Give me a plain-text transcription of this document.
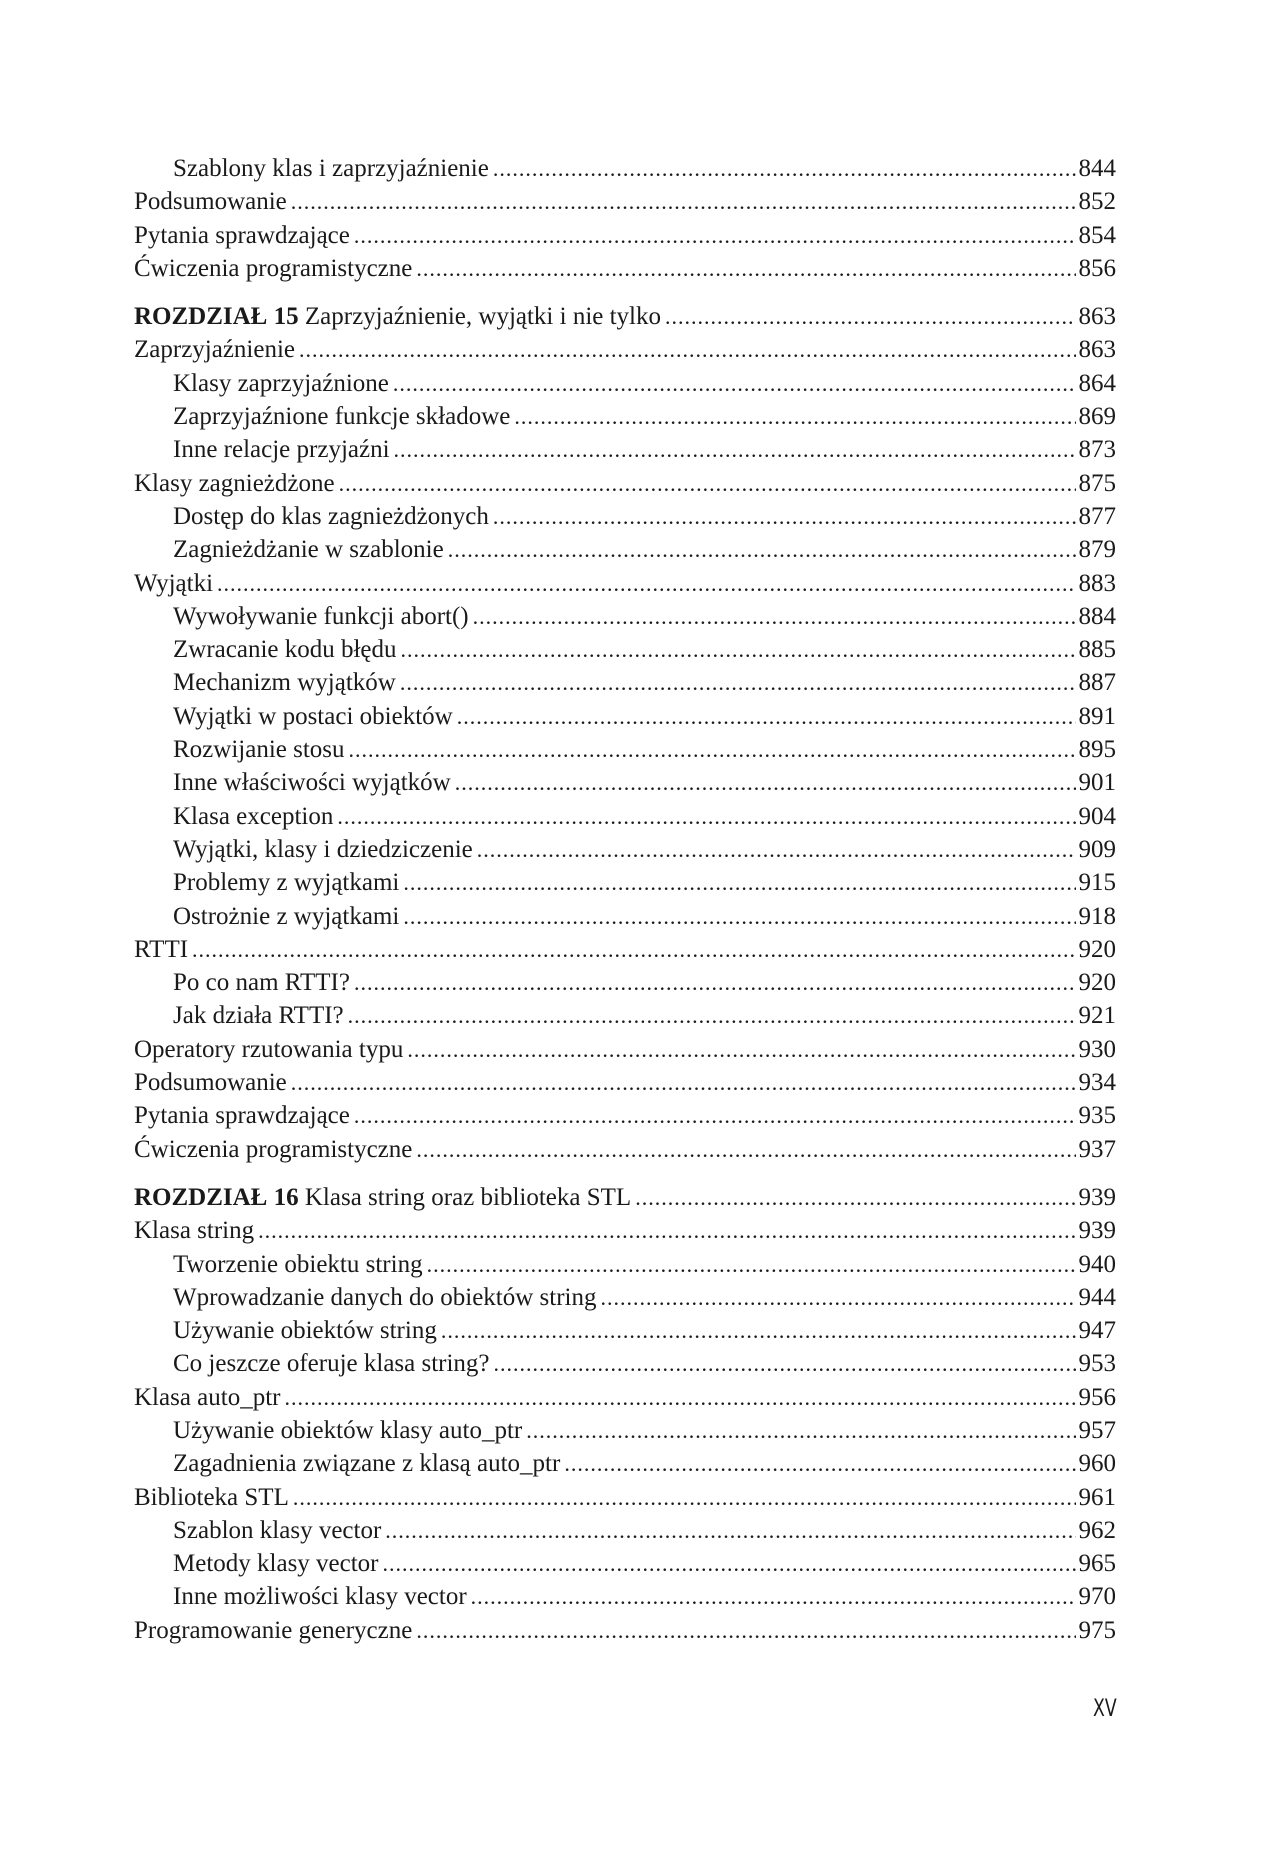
Szablony klas i zaprzyjaźnienie .....	844
Podsumowanie .....	852
Pytania sprawdzające .....	854
Ćwiczenia programistyczne .....	856
ROZDZIAŁ 15 Zaprzyjaźnienie, wyjątki i nie tylko .....	863
Zaprzyjaźnienie .....	863
Klasy zaprzyjaźnione .....	864
Zaprzyjaźnione funkcje składowe .....	869
Inne relacje przyjaźni .....	873
Klasy zagnieżdżone .....	875
Dostęp do klas zagnieżdżonych .....	877
Zagnieżdżanie w szablonie .....	879
Wyjątki .....	883
Wywoływanie funkcji abort() .....	884
Zwracanie kodu błędu .....	885
Mechanizm wyjątków .....	887
Wyjątki w postaci obiektów .....	891
Rozwijanie stosu .....	895
Inne właściwości wyjątków .....	901
Klasa exception .....	904
Wyjątki, klasy i dziedziczenie .....	909
Problemy z wyjątkami .....	915
Ostrożnie z wyjątkami .....	918
RTTI .....	920
Po co nam RTTI? .....	920
Jak działa RTTI? .....	921
Operatory rzutowania typu .....	930
Podsumowanie .....	934
Pytania sprawdzające .....	935
Ćwiczenia programistyczne .....	937
ROZDZIAŁ 16 Klasa string oraz biblioteka STL .....	939
Klasa string .....	939
Tworzenie obiektu string .....	940
Wprowadzanie danych do obiektów string .....	944
Używanie obiektów string .....	947
Co jeszcze oferuje klasa string? .....	953
Klasa auto_ptr .....	956
Używanie obiektów klasy auto_ptr .....	957
Zagadnienia związane z klasą auto_ptr .....	960
Biblioteka STL .....	961
Szablon klasy vector .....	962
Metody klasy vector .....	965
Inne możliwości klasy vector .....	970
Programowanie generyczne .....	975
XV
